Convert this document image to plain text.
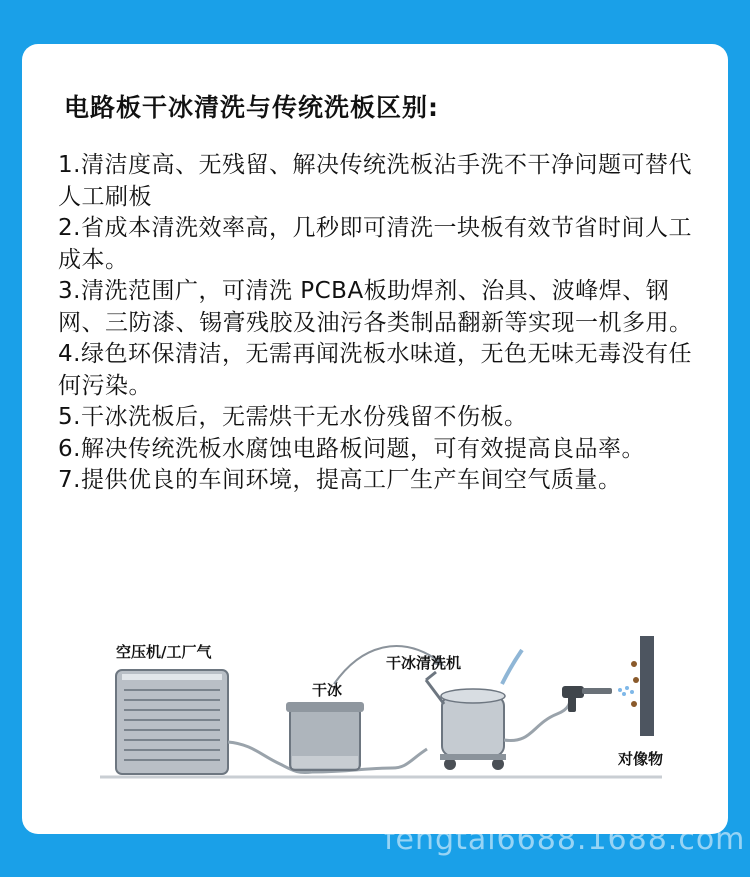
电路板干冰清洗与传统洗板区别:
1.清洁度高、无残留、解决传统洗板沾手洗不干净问题可替代人工刷板
2.省成本清洗效率高，几秒即可清洗一块板有效节省时间人工成本。
3.清洗范围广，可清洗 PCBA板助焊剂、治具、波峰焊、钢网、三防漆、锡膏残胶及油污各类制品翻新等实现一机多用。
4.绿色环保清洁，无需再闻洗板水味道，无色无味无毒没有任何污染。
5.干冰洗板后，无需烘干无水份残留不伤板。
6.解决传统洗板水腐蚀电路板问题，可有效提高良品率。
7.提供优良的车间环境，提高工厂生产车间空气质量。
空压机/工厂气
干冰
干冰清洗机
对像物
fengtai6688.1688.com
